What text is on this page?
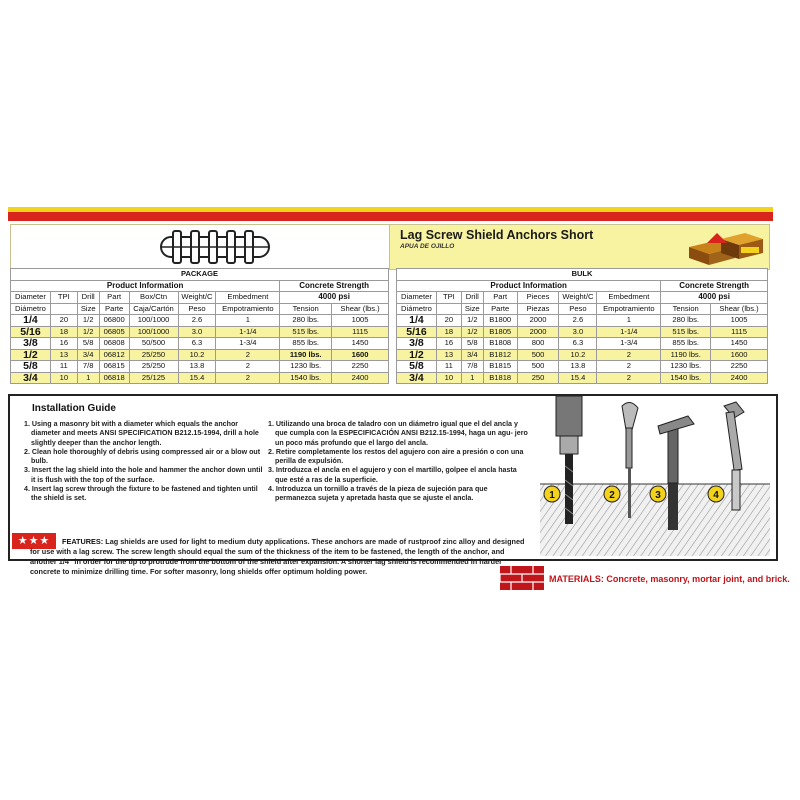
Lag Screw Shield Anchors Short
APUA DE OJILLO
PACKAGE								
Product Information							Concrete Strength	
Diameter	TPI	Drill	Part	Box/Ctn	Weight/C	Embedment	4000 psi	
Diámetro		Size	Parte	Caja/Cartón	Peso	Empotramiento	Tension	Shear (lbs.)
1/4	20	1/2	06800	100/1000	2.6	1	280 lbs.	1005
5/16	18	1/2	06805	100/1000	3.0	1-1/4	515 lbs.	1115
3/8	16	5/8	06808	50/500	6.3	1-3/4	855 lbs.	1450
1/2	13	3/4	06812	25/250	10.2	2	1190 lbs.	1600
5/8	11	7/8	06815	25/250	13.8	2	1230 lbs.	2250
3/4	10	1	06818	25/125	15.4	2	1540 lbs.	2400
BULK								
Product Information							Concrete Strength	
Diameter	TPI	Drill	Part	Pieces	Weight/C	Embedment	4000 psi	
Diámetro		Size	Parte	Piezas	Peso	Empotramiento	Tension	Shear (lbs.)
1/4	20	1/2	B1800	2000	2.6	1	280 lbs.	1005
5/16	18	1/2	B1805	2000	3.0	1-1/4	515 lbs.	1115
3/8	16	5/8	B1808	800	6.3	1-3/4	855 lbs.	1450
1/2	13	3/4	B1812	500	10.2	2	1190 lbs.	1600
5/8	11	7/8	B1815	500	13.8	2	1230 lbs.	2250
3/4	10	1	B1818	250	15.4	2	1540 lbs.	2400
Installation Guide

1. Using a masonry bit with a diameter which equals the anchor diameter and meets ANSI SPECIFICATION B212.15-1994, drill a hole slightly deeper than the anchor length.

2. Clean hole thoroughly of debris using compressed air or a blow out bulb.

3. Insert the lag shield into the hole and hammer the anchor down until it is flush with the top of the surface.

4. Insert lag screw through the fixture to be fastened and tighten until the shield is set.

1. Utilizando una broca de taladro con un diámetro igual que el del ancla y que cumpla con la ESPECIFICACIÓN ANSI B212.15-1994, haga un agu- jero un poco más profundo que el largo del ancla.

2. Retire completamente los restos del agujero con aire a presión o con una perilla de expulsión.

3. Introduzca el ancla en el agujero y con el martillo, golpee el ancla hasta que esté a ras de la superficie.

4. Introduzca un tornillo a través de la pieza de sujeción para que permanezca sujeta y apretada hasta que se ajuste el ancla.	1	2	3	4
★★★	FEATURES: Lag shields are used for light to medium duty applications. These anchors are made of rustproof zinc alloy and designed for use with a lag screw. The screw length should equal the sum of the thickness of the item to be fastened, the length of the anchor, and another 1/4" in order for the tip to protrude from the bottom of the shield after expansion. A shorter lag shield is recommended in harder concrete to minimize drilling time. For softer masonry, long shields offer optimum holding power.
MATERIALS: Concrete, masonry, mortar joint, and brick.
